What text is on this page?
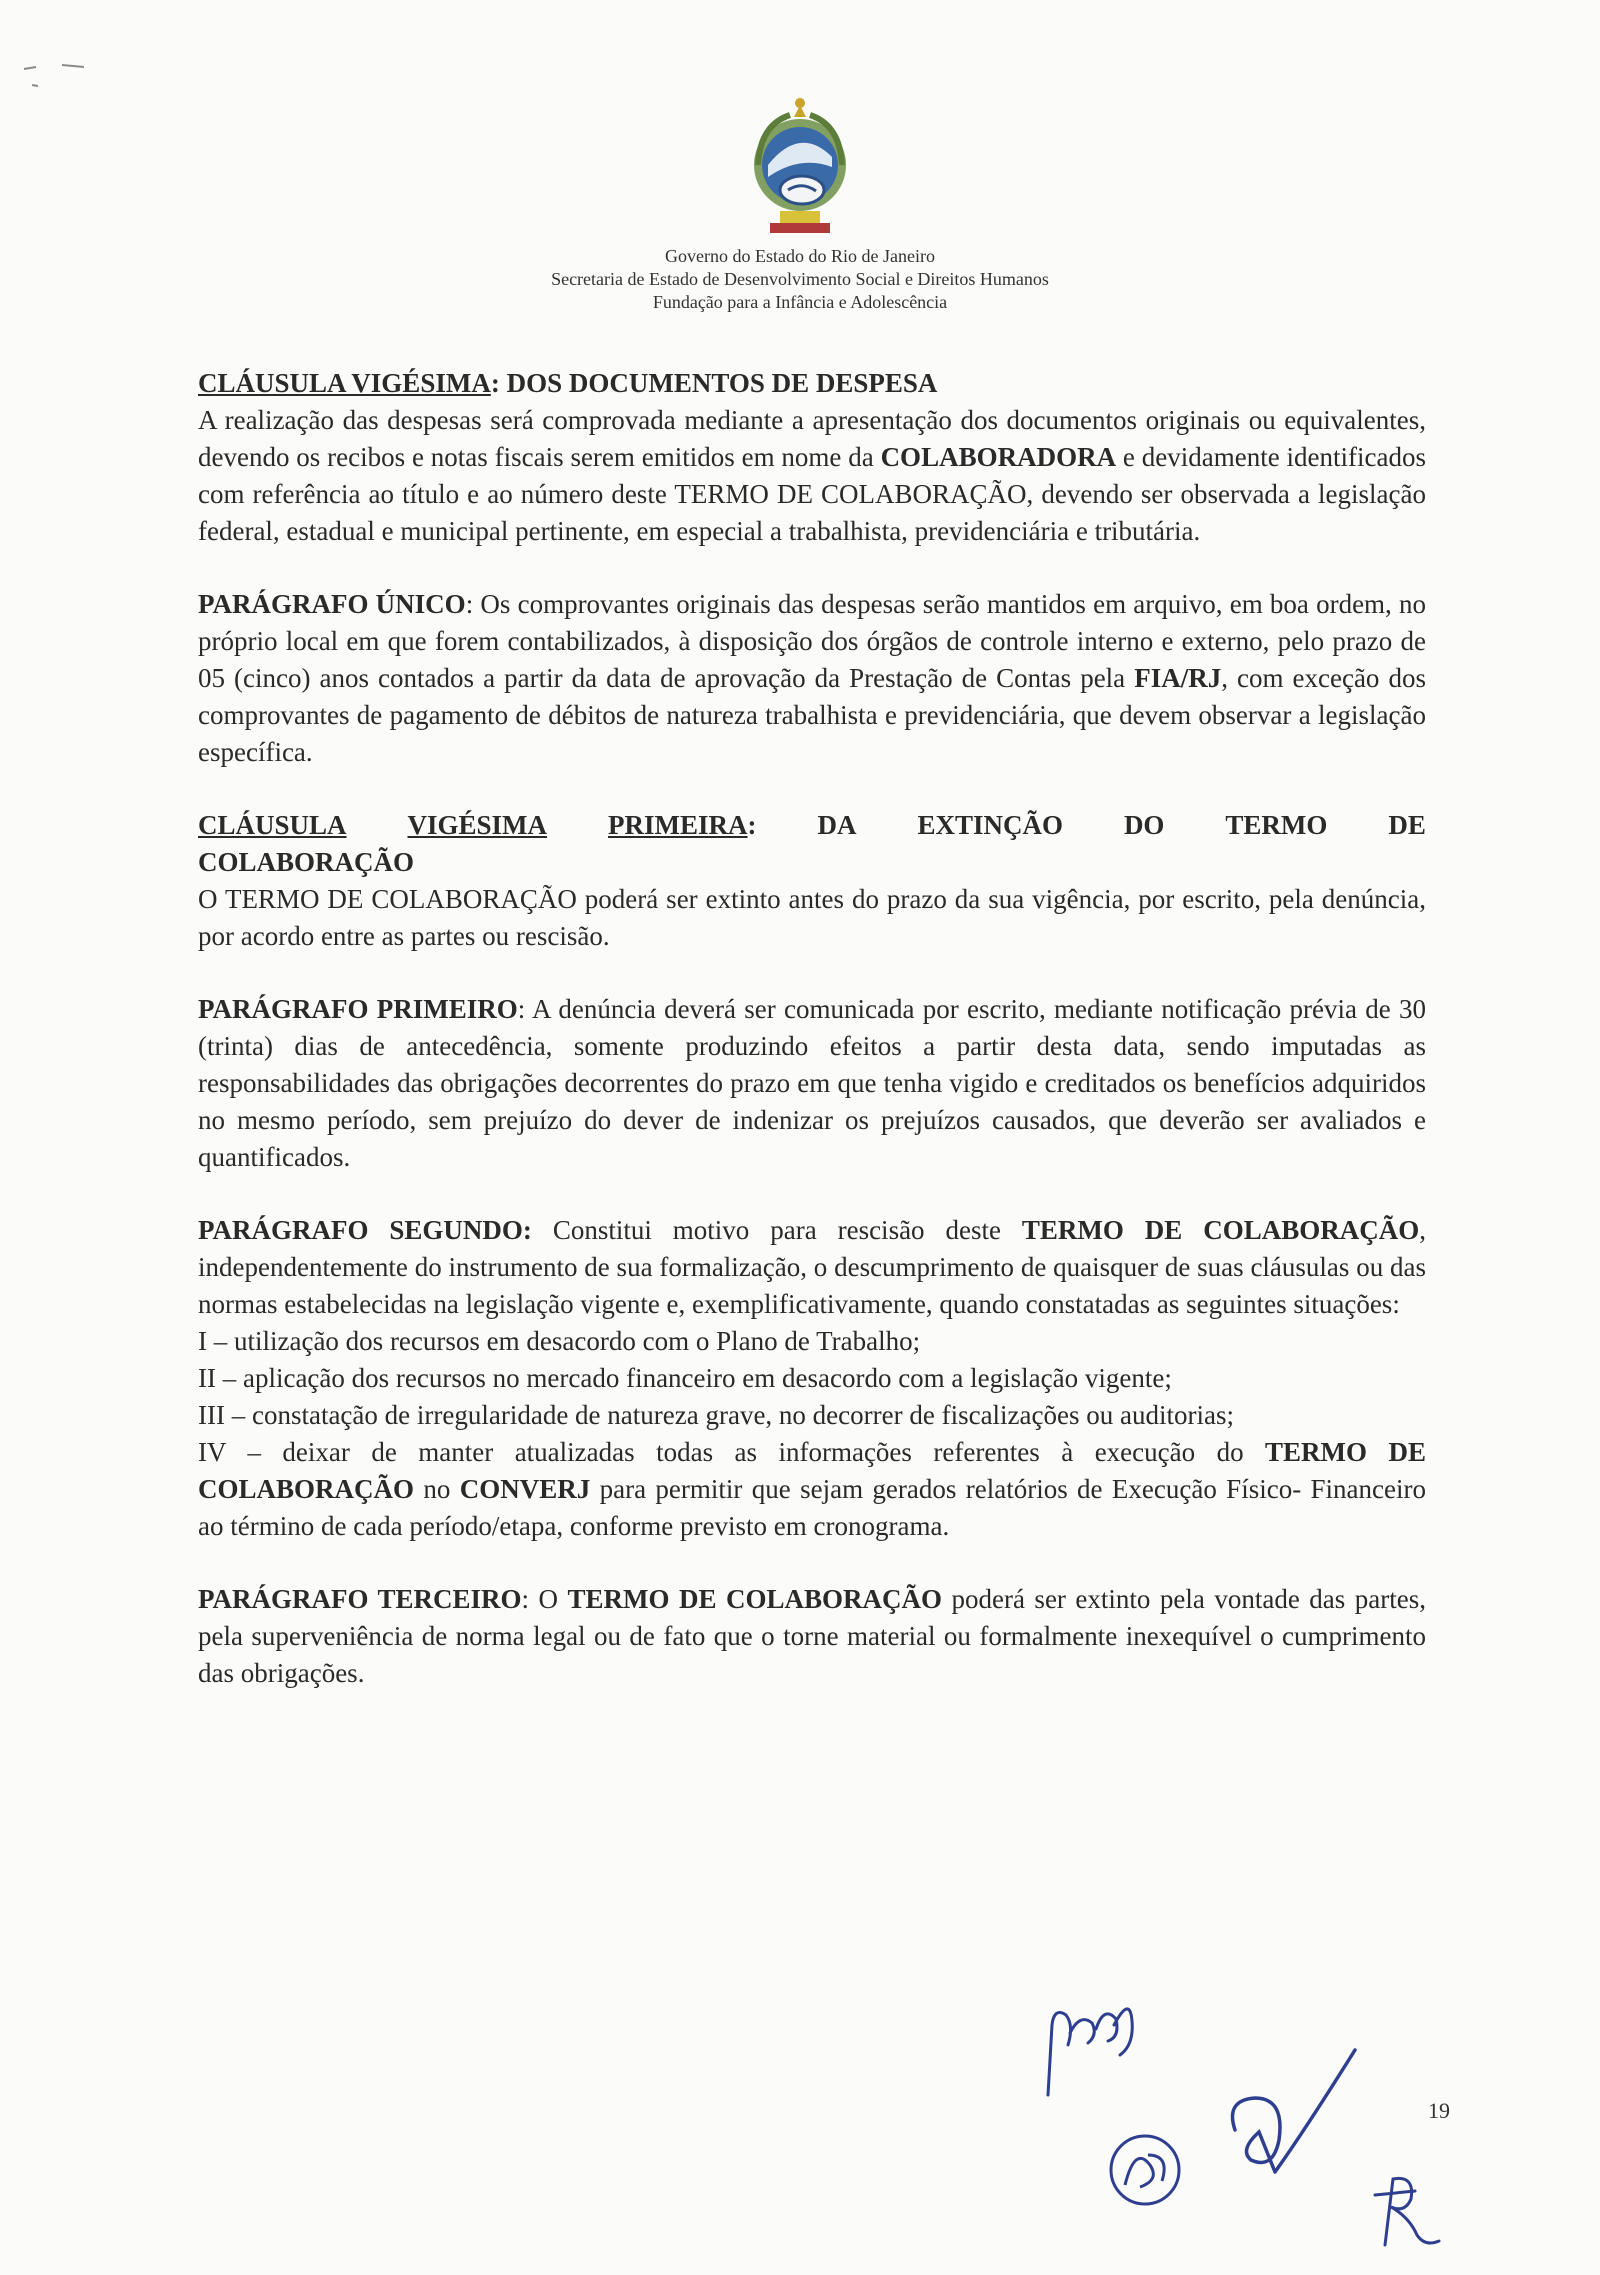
Governo do Estado do Rio de Janeiro

Secretaria de Estado de Desenvolvimento Social e Direitos Humanos

Fundação para a Infância e Adolescência

CLÁUSULA VIGÉSIMA: DOS DOCUMENTOS DE DESPESA

A realização das despesas será comprovada mediante a apresentação dos documentos originais ou equivalentes, devendo os recibos e notas fiscais serem emitidos em nome da COLABORADORA e devidamente identificados com referência ao título e ao número deste TERMO DE COLABORAÇÃO, devendo ser observada a legislação federal, estadual e municipal pertinente, em especial a trabalhista, previdenciária e tributária.

PARÁGRAFO ÚNICO: Os comprovantes originais das despesas serão mantidos em arquivo, em boa ordem, no próprio local em que forem contabilizados, à disposição dos órgãos de controle interno e externo, pelo prazo de 05 (cinco) anos contados a partir da data de aprovação da Prestação de Contas pela FIA/RJ, com exceção dos comprovantes de pagamento de débitos de natureza trabalhista e previdenciária, que devem observar a legislação específica.

CLÁUSULA VIGÉSIMA PRIMEIRA: DA EXTINÇÃO DO TERMO DE

COLABORAÇÃO

O TERMO DE COLABORAÇÃO poderá ser extinto antes do prazo da sua vigência, por escrito, pela denúncia, por acordo entre as partes ou rescisão.

PARÁGRAFO PRIMEIRO: A denúncia deverá ser comunicada por escrito, mediante notificação prévia de 30 (trinta) dias de antecedência, somente produzindo efeitos a partir desta data, sendo imputadas as responsabilidades das obrigações decorrentes do prazo em que tenha vigido e creditados os benefícios adquiridos no mesmo período, sem prejuízo do dever de indenizar os prejuízos causados, que deverão ser avaliados e quantificados.

PARÁGRAFO SEGUNDO: Constitui motivo para rescisão deste TERMO DE COLABORAÇÃO, independentemente do instrumento de sua formalização, o descumprimento de quaisquer de suas cláusulas ou das normas estabelecidas na legislação vigente e, exemplificativamente, quando constatadas as seguintes situações:

I – utilização dos recursos em desacordo com o Plano de Trabalho;

II – aplicação dos recursos no mercado financeiro em desacordo com a legislação vigente;

III – constatação de irregularidade de natureza grave, no decorrer de fiscalizações ou auditorias;

IV – deixar de manter atualizadas todas as informações referentes à execução do TERMO DE COLABORAÇÃO no CONVERJ para permitir que sejam gerados relatórios de Execução Físico- Financeiro ao término de cada período/etapa, conforme previsto em cronograma.

PARÁGRAFO TERCEIRO: O TERMO DE COLABORAÇÃO poderá ser extinto pela vontade das partes, pela superveniência de norma legal ou de fato que o torne material ou formalmente inexequível o cumprimento das obrigações.

19
